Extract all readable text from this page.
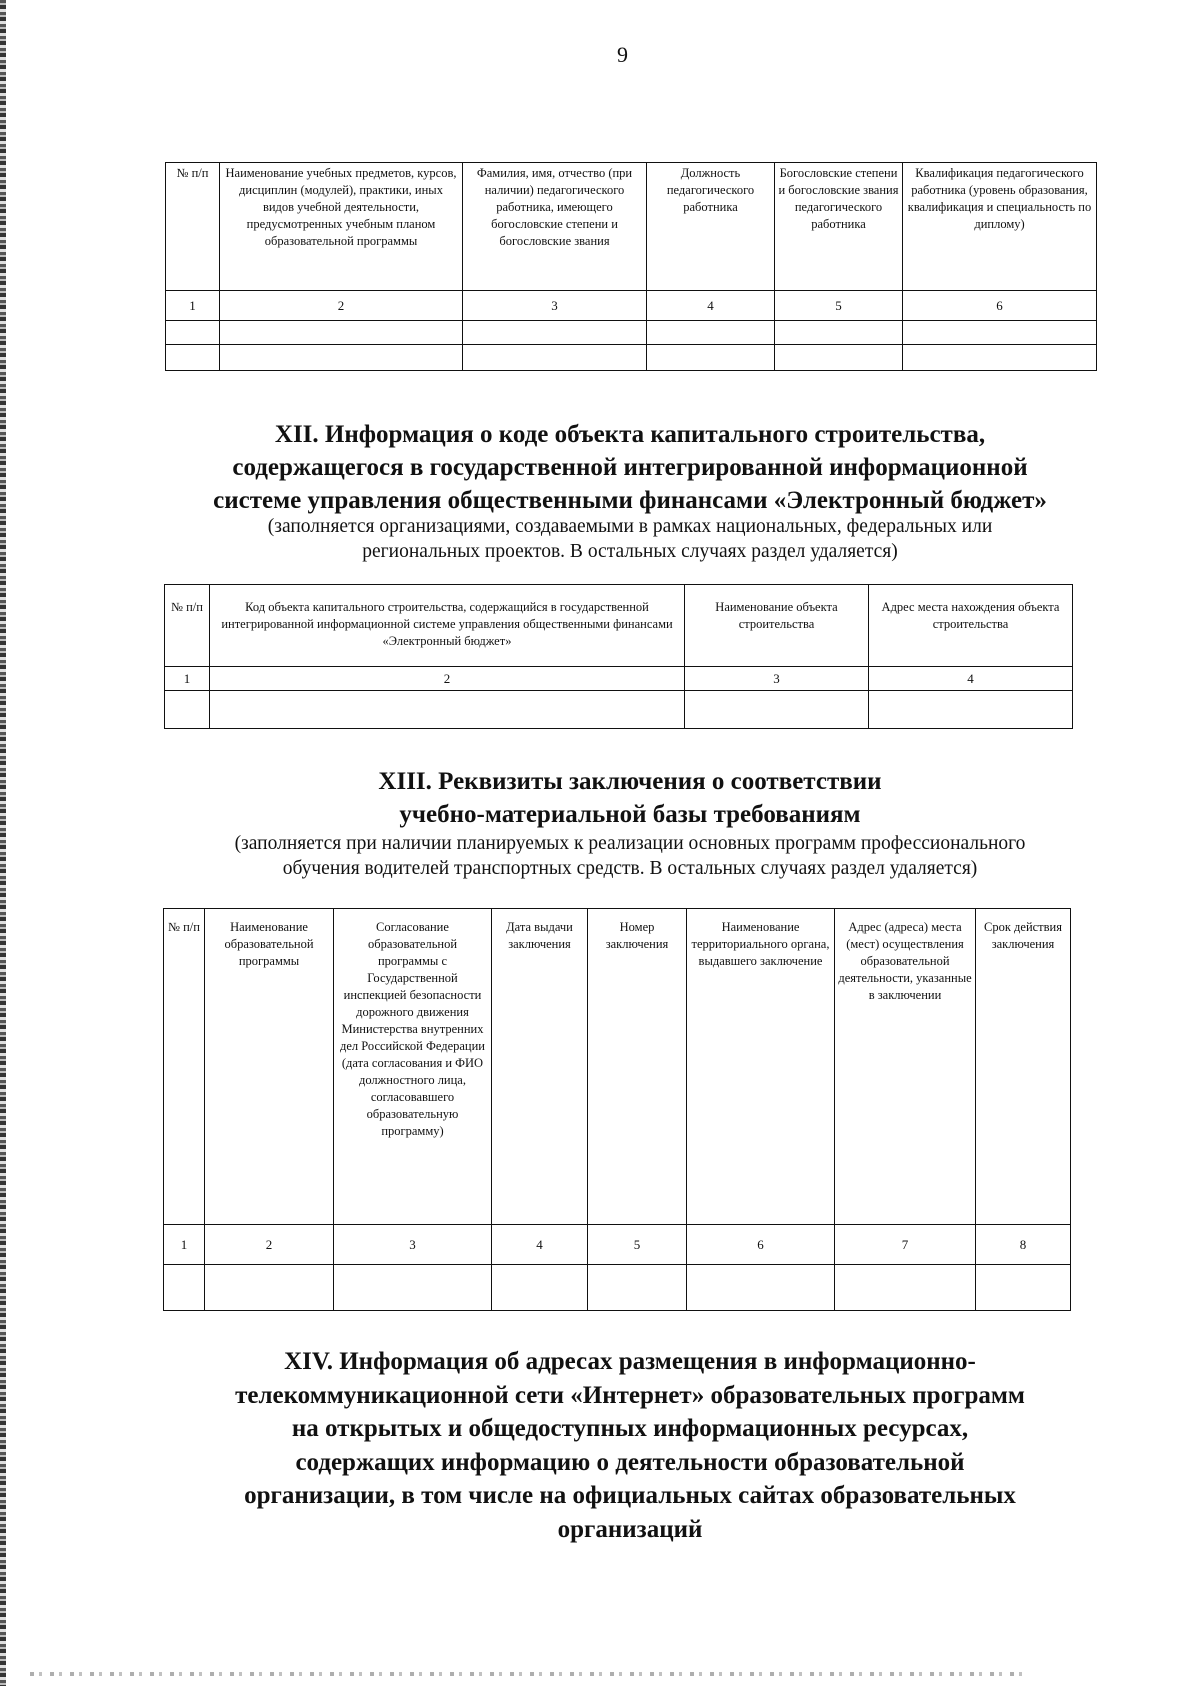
9
№ п/п	Наименование учебных предметов, курсов, дисциплин (модулей), практики, иных видов учебной деятельности, предусмотренных учебным планом образовательной программы	Фамилия, имя, отчество (при наличии) педагогического работника, имеющего богословские степени и богословские звания	Должность педагогического работника	Богословские степени и богословские звания педагогического работника	Квалификация педагогического работника (уровень образования, квалификация и специальность по диплому)
1	2	3	4	5	6

XII. Информация о коде объекта капитального строительства,
содержащегося в государственной интегрированной информационной
системе управления общественными финансами «Электронный бюджет»
(заполняется организациями, создаваемыми в рамках национальных, федеральных или
региональных проектов. В остальных случаях раздел удаляется)
№ п/п	Код объекта капитального строительства, содержащийся в государственной интегрированной информационной системе управления общественными финансами «Электронный бюджет»	Наименование объекта строительства	Адрес места нахождения объекта строительства
1	2	3	4

XIII. Реквизиты заключения о соответствии
учебно-материальной базы требованиям
(заполняется при наличии планируемых к реализации основных программ профессионального
обучения водителей транспортных средств. В остальных случаях раздел удаляется)
№ п/п	Наименование образовательной программы	Согласование образовательной программы с Государственной инспекцией безопасности дорожного движения Министерства внутренних дел Российской Федерации (дата согласования и ФИО должностного лица, согласовавшего образовательную программу)	Дата выдачи заключения	Номер заключения	Наименование территориального органа, выдавшего заключение	Адрес (адреса) места (мест) осуществления образовательной деятельности, указанные в заключении	Срок действия заключения
1	2	3	4	5	6	7	8

XIV. Информация об адресах размещения в информационно-
телекоммуникационной сети «Интернет» образовательных программ
на открытых и общедоступных информационных ресурсах,
содержащих информацию о деятельности образовательной
организации, в том числе на официальных сайтах образовательных
организаций
